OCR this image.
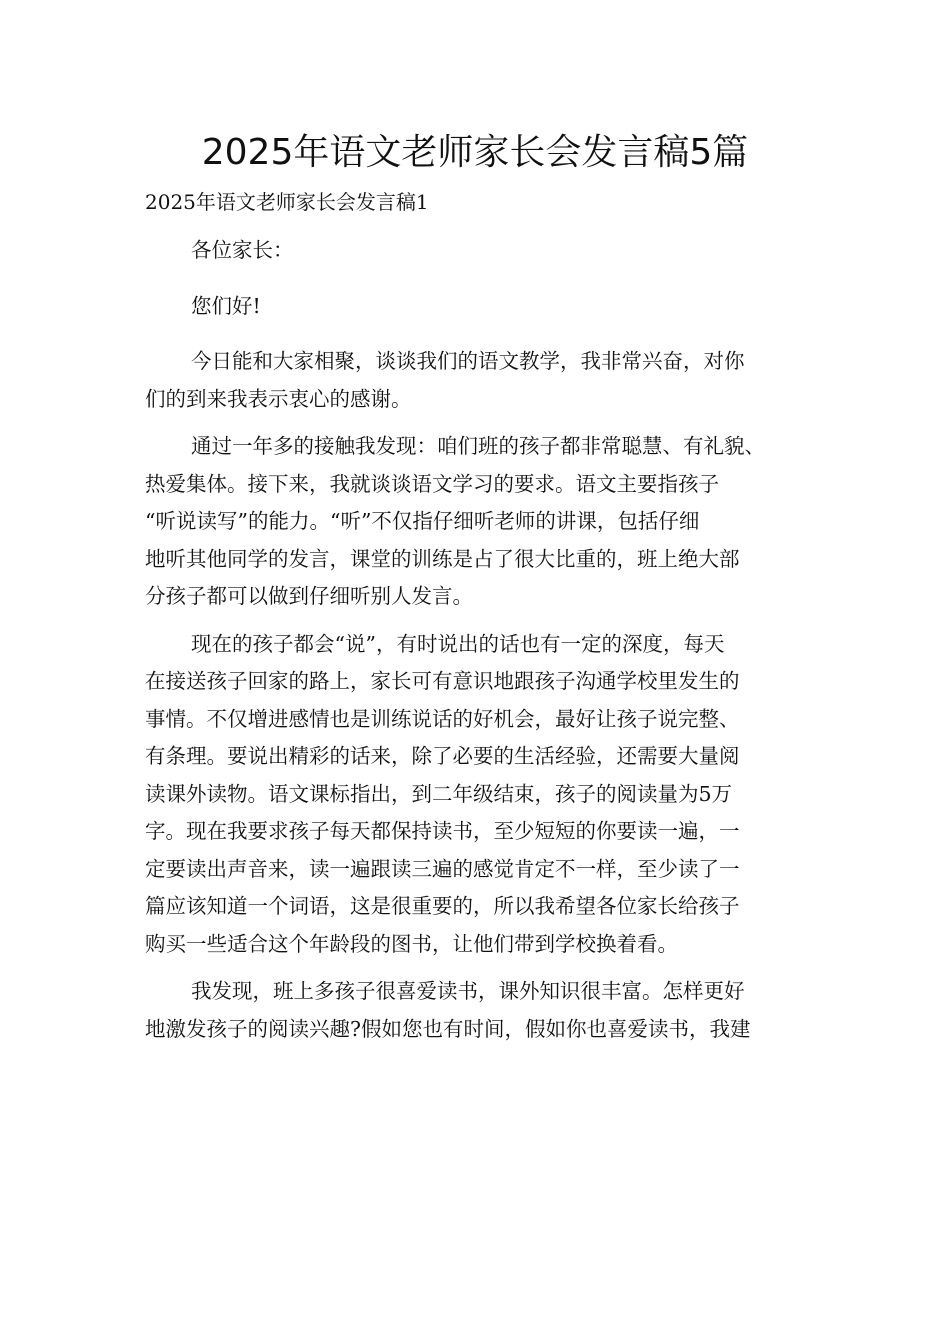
2025年语文老师家长会发言稿5篇
2025年语文老师家长会发言稿1
各位家长：
您们好!
今日能和大家相聚，谈谈我们的语文教学，我非常兴奋，对你
们的到来我表示衷心的感谢。
通过一年多的接触我发现：咱们班的孩子都非常聪慧、有礼貌、
热爱集体。接下来，我就谈谈语文学习的要求。语文主要指孩子
“听说读写”的能力。“听”不仅指仔细听老师的讲课，包括仔细
地听其他同学的发言，课堂的训练是占了很大比重的，班上绝大部
分孩子都可以做到仔细听别人发言。
现在的孩子都会“说”，有时说出的话也有一定的深度，每天
在接送孩子回家的路上，家长可有意识地跟孩子沟通学校里发生的
事情。不仅增进感情也是训练说话的好机会，最好让孩子说完整、
有条理。要说出精彩的话来，除了必要的生活经验，还需要大量阅
读课外读物。语文课标指出，到二年级结束，孩子的阅读量为5万
字。现在我要求孩子每天都保持读书，至少短短的你要读一遍，一
定要读出声音来，读一遍跟读三遍的感觉肯定不一样，至少读了一
篇应该知道一个词语，这是很重要的，所以我希望各位家长给孩子
购买一些适合这个年龄段的图书，让他们带到学校换着看。
我发现，班上多孩子很喜爱读书，课外知识很丰富。怎样更好
地激发孩子的阅读兴趣?假如您也有时间，假如你也喜爱读书，我建
